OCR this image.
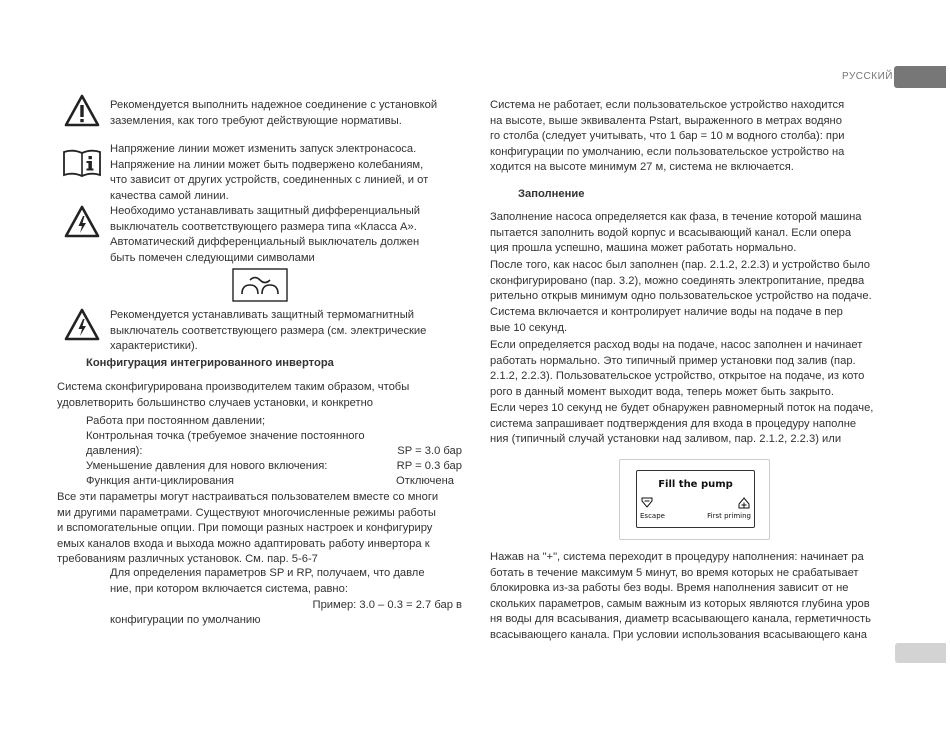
РУССКИЙ
Рекомендуется выполнить надежное соединение с установкой
заземления, как того требуют действующие нормативы.
Напряжение линии может изменить запуск электронасоса.
Напряжение на линии может быть подвержено колебаниям,
что зависит от других устройств, соединенных с линией, и от
качества самой линии.
Необходимо устанавливать защитный дифференциальный
выключатель соответствующего размера типа «Класса А».
Автоматический дифференциальный выключатель должен
быть помечен следующими символами
Рекомендуется устанавливать защитный термомагнитный
выключатель соответствующего размера (см. электрические
характеристики).
Конфигурация интегрированного инвертора
Система сконфигурирована производителем таким образом, чтобы
удовлетворить большинство случаев установки, и конкретно
Работа при постоянном давлении;
Контрольная точка (требуемое значение постоянного
давления):	SP = 3.0 бар
Уменьшение давления для нового включения:	RP = 0.3 бар
Функция анти-циклирования	Отключена
Все эти параметры могут настраиваться пользователем вместе со многи
ми другими параметрами. Существуют многочисленные режимы работы
и вспомогательные опции. При помощи разных настроек и конфигуриру
емых каналов входа и выхода можно адаптировать работу инвертора к
требованиям различных установок. См. пар. 5-6-7
Для определения параметров SP и RP, получаем, что давле
ние, при котором включается система, равно:
Пример: 3.0 – 0.3 = 2.7 бар в
конфигурации по умолчанию
Система не работает, если пользовательское устройство находится
на высоте, выше эквивалента Pstart, выраженного в метрах водяно
го столба (следует учитывать, что 1 бар = 10 м водного столба): при
конфигурации по умолчанию, если пользовательское устройство на
ходится на высоте минимум 27 м, система не включается.
Заполнение
Заполнение насоса определяется как фаза, в течение которой машина
пытается заполнить водой корпус и всасывающий канал. Если опера
ция прошла успешно, машина может работать нормально.
После того, как насос был заполнен (пар. 2.1.2, 2.2.3) и устройство было
сконфигурировано (пар. 3.2), можно соединять электропитание, предва
рительно открыв минимум одно пользовательское устройство на подаче.
Система включается и контролирует наличие воды на подаче в пер
вые 10 секунд.
Если определяется расход воды на подаче, насос заполнен и начинает
работать нормально. Это типичный пример установки под залив (пар.
2.1.2, 2.2.3). Пользовательское устройство, открытое на подаче, из кото
рого в данный момент выходит вода, теперь может быть закрыто.
Если через 10 секунд не будет обнаружен равномерный поток на подаче,
система запрашивает подтверждения для входа в процедуру наполне
ния (типичный случай установки над заливом, пар. 2.1.2, 2.2.3) или
Fill the pump
Escape	First priming
Нажав на "+", система переходит в процедуру наполнения: начинает ра
ботать в течение максимум 5 минут, во время которых не срабатывает
блокировка из-за работы без воды. Время наполнения зависит от не
скольких параметров, самым важным из которых являются глубина уров
ня воды для всасывания, диаметр всасывающего канала, герметичность
всасывающего канала. При условии использования всасывающего кана
